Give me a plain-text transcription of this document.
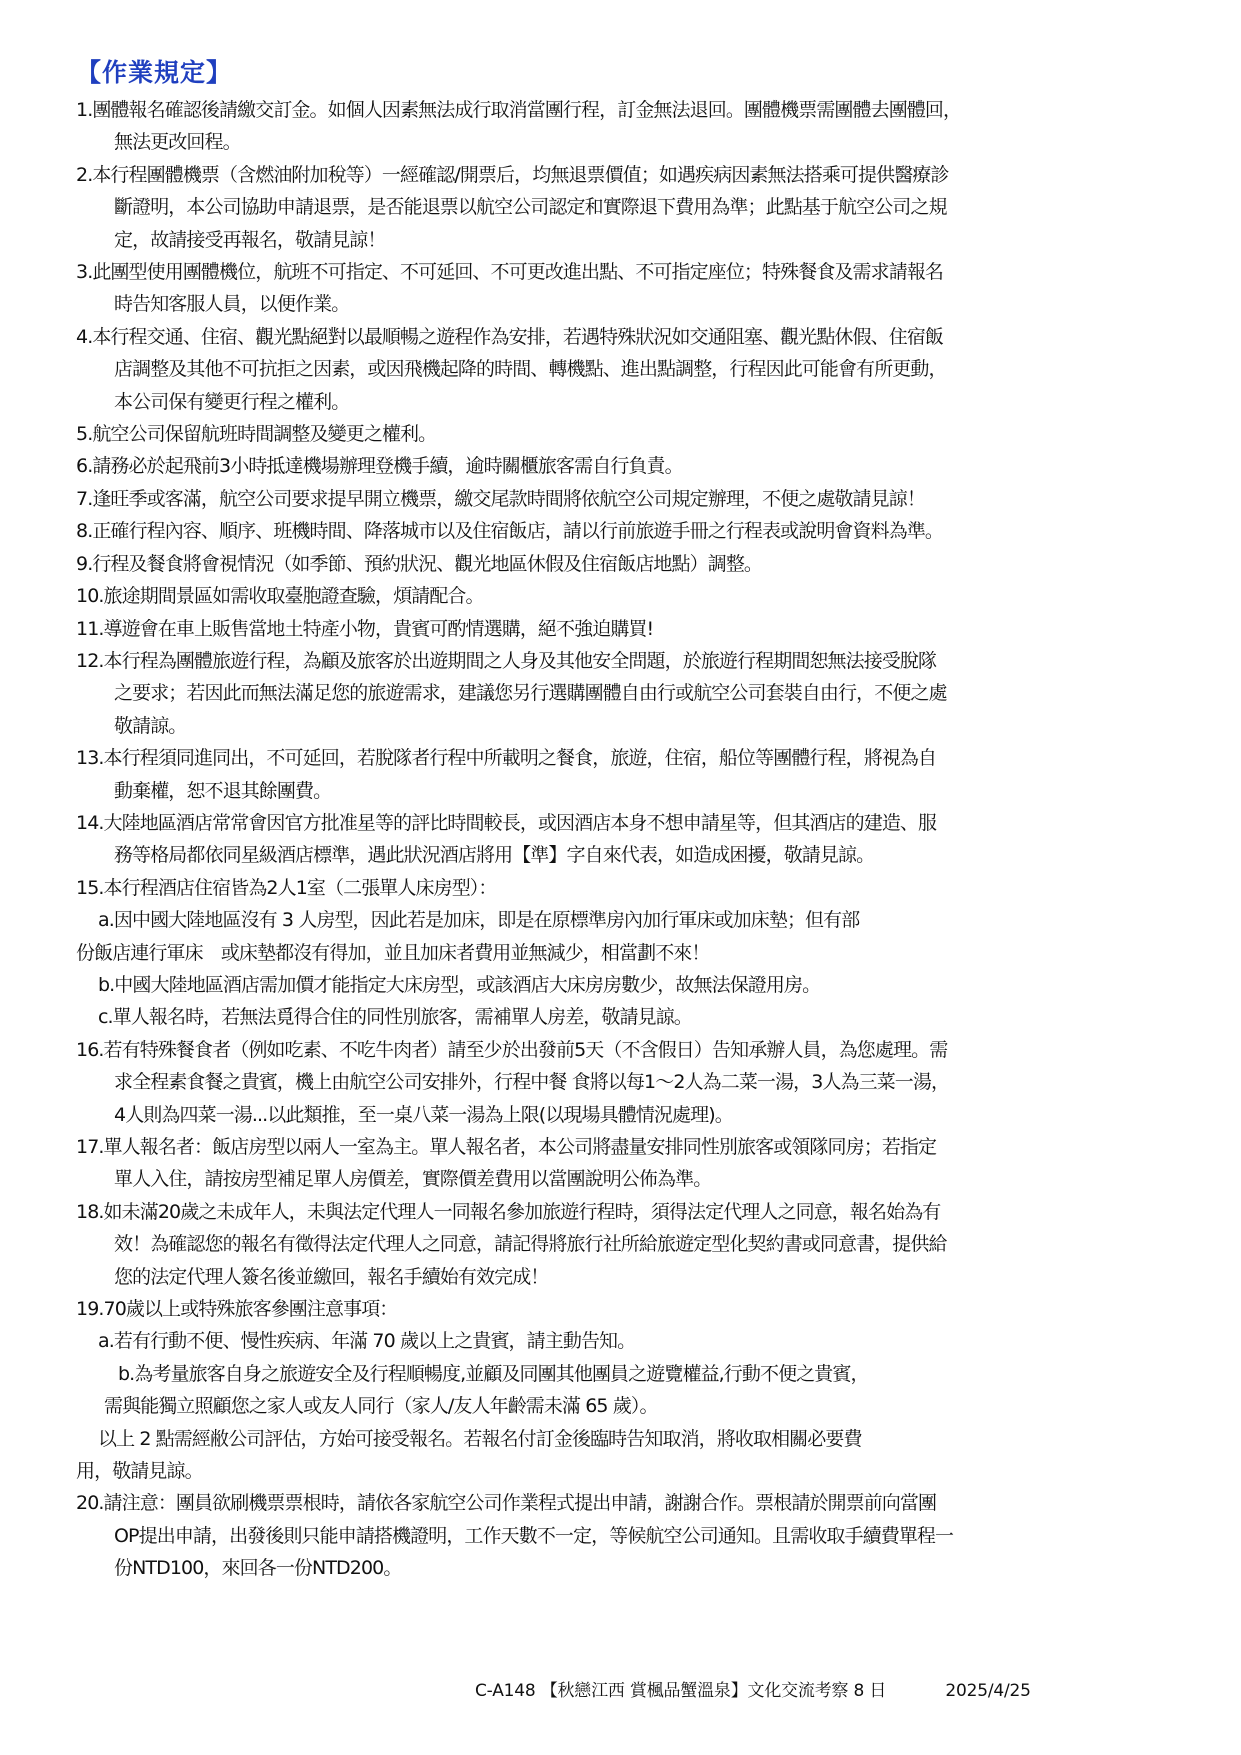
【作業規定】
1.團體報名確認後請繳交訂金。如個人因素無法成行取消當團行程，訂金無法退回。團體機票需團體去團體回，
無法更改回程。
2.本行程團體機票（含燃油附加稅等）一經確認/開票后，均無退票價值；如遇疾病因素無法搭乘可提供醫療診
斷證明，本公司協助申請退票，是否能退票以航空公司認定和實際退下費用為準；此點基于航空公司之規
定，故請接受再報名，敬請見諒！
3.此團型使用團體機位，航班不可指定、不可延回、不可更改進出點、不可指定座位；特殊餐食及需求請報名
時告知客服人員，以便作業。
4.本行程交通、住宿、觀光點絕對以最順暢之遊程作為安排，若遇特殊狀況如交通阻塞、觀光點休假、住宿飯
店調整及其他不可抗拒之因素，或因飛機起降的時間、轉機點、進出點調整，行程因此可能會有所更動，
本公司保有變更行程之權利。
5.航空公司保留航班時間調整及變更之權利。
6.請務必於起飛前3小時抵達機場辦理登機手續，逾時關櫃旅客需自行負責。
7.逢旺季或客滿，航空公司要求提早開立機票，繳交尾款時間將依航空公司規定辦理，不便之處敬請見諒！
8.正確行程內容、順序、班機時間、降落城市以及住宿飯店，請以行前旅遊手冊之行程表或說明會資料為準。
9.行程及餐食將會視情況（如季節、預約狀況、觀光地區休假及住宿飯店地點）調整。
10.旅途期間景區如需收取臺胞證查驗，煩請配合。
11.導遊會在車上販售當地土特產小物，貴賓可酌情選購，絕不強迫購買!
12.本行程為團體旅遊行程，為顧及旅客於出遊期間之人身及其他安全問題，於旅遊行程期間恕無法接受脫隊
之要求；若因此而無法滿足您的旅遊需求，建議您另行選購團體自由行或航空公司套裝自由行，不便之處
敬請諒。
13.本行程須同進同出，不可延回，若脫隊者行程中所載明之餐食，旅遊，住宿，船位等團體行程，將視為自
動棄權，恕不退其餘團費。
14.大陸地區酒店常常會因官方批准星等的評比時間較長，或因酒店本身不想申請星等，但其酒店的建造、服
務等格局都依同星級酒店標準，遇此狀況酒店將用【準】字自來代表，如造成困擾，敬請見諒。
15.本行程酒店住宿皆為2人1室（二張單人床房型）：
a.因中國大陸地區沒有 3 人房型，因此若是加床，即是在原標準房內加行軍床或加床墊；但有部
份飯店連行軍床　或床墊都沒有得加，並且加床者費用並無減少，相當劃不來！
b.中國大陸地區酒店需加價才能指定大床房型，或該酒店大床房房數少，故無法保證用房。
c.單人報名時，若無法覓得合住的同性別旅客，需補單人房差，敬請見諒。
16.若有特殊餐食者（例如吃素、不吃牛肉者）請至少於出發前5天（不含假日）告知承辦人員，為您處理。需
求全程素食餐之貴賓，機上由航空公司安排外，行程中餐 食將以每1～2人為二菜一湯，3人為三菜一湯，
4人則為四菜一湯...以此類推，至一桌八菜一湯為上限(以現場具體情況處理)。
17.單人報名者：飯店房型以兩人一室為主。單人報名者，本公司將盡量安排同性別旅客或領隊同房；若指定
單人入住，請按房型補足單人房價差，實際價差費用以當團說明公佈為準。
18.如未滿20歲之未成年人，未與法定代理人一同報名參加旅遊行程時，須得法定代理人之同意，報名始為有
效！為確認您的報名有徵得法定代理人之同意，請記得將旅行社所給旅遊定型化契約書或同意書，提供給
您的法定代理人簽名後並繳回，報名手續始有效完成！
19.70歲以上或特殊旅客參團注意事項：
a.若有行動不便、慢性疾病、年滿 70 歲以上之貴賓，請主動告知。
b.為考量旅客自身之旅遊安全及行程順暢度,並顧及同團其他團員之遊覽權益,行動不便之貴賓，
需與能獨立照顧您之家人或友人同行（家人/友人年齡需未滿 65 歲）。
以上 2 點需經敝公司評估，方始可接受報名。若報名付訂金後臨時告知取消，將收取相關必要費
用，敬請見諒。
20.請注意：團員欲刷機票票根時，請依各家航空公司作業程式提出申請，謝謝合作。票根請於開票前向當團
OP提出申請，出發後則只能申請搭機證明，工作天數不一定，等候航空公司通知。且需收取手續費單程一
份NTD100，來回各一份NTD200。
C-A148 【秋戀江西 賞楓品蟹溫泉】文化交流考察 8 日	2025/4/25
